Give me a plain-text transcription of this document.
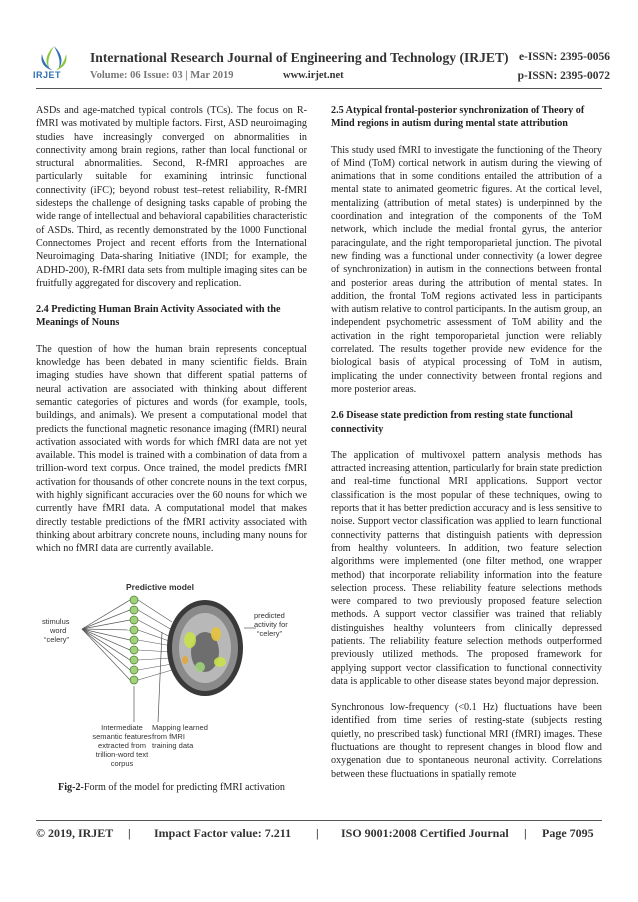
IRJET
International Research Journal of Engineering and Technology (IRJET) e-ISSN: 2395-0056
Volume: 06 Issue: 03 | Mar 2019	www.irjet.net	p-ISSN: 2395-0072

ASDs and age-matched typical controls (TCs). The focus on R-fMRI was motivated by multiple factors. First, ASD neuroimaging studies have increasingly converged on abnormalities in connectivity among brain regions, rather than local functional or structural abnormalities. Second, R-fMRI approaches are particularly suitable for examining intrinsic functional connectivity (iFC); beyond robust test–retest reliability, R-fMRI sidesteps the challenge of designing tasks capable of probing the wide range of intellectual and behavioral capabilities characteristic of ASDs. Third, as recently demonstrated by the 1000 Functional Connectomes Project and recent efforts from the International Neuroimaging Data-sharing Initiative (INDI; for example, the ADHD-200), R-fMRI data sets from multiple imaging sites can be fruitfully aggregated for discovery and replication.

2.4 Predicting Human Brain Activity Associated with the Meanings of Nouns

The question of how the human brain represents conceptual knowledge has been debated in many scientific fields. Brain imaging studies have shown that different spatial patterns of neural activation are associated with thinking about different semantic categories of pictures and words (for example, tools, buildings, and animals). We present a computational model that predicts the functional magnetic resonance imaging (fMRI) neural activation associated with words for which fMRI data are not yet available. This model is trained with a combination of data from a trillion-word text corpus. Once trained, the model predicts fMRI activation for thousands of other concrete nouns in the text corpus, with highly significant accuracies over the 60 nouns for which we currently have fMRI data. A computational model that makes directly testable predictions of the fMRI activity associated with thinking about arbitrary concrete nouns, including many nouns for which no fMRI data are currently available.

Predictive model
stimulus
word
“celery”
predicted
activity for
“celery”
Intermediate
semantic features
extracted from
trillion-word text
corpus
Mapping learned
from fMRI
training data
Fig-2-Form of the model for predicting fMRI activation
2.5 Atypical frontal-posterior synchronization of Theory of Mind regions in autism during mental state attribution

This study used fMRI to investigate the functioning of the Theory of Mind (ToM) cortical network in autism during the viewing of animations that in some conditions entailed the attribution of a mental state to animated geometric figures. At the cortical level, mentalizing (attribution of metal states) is underpinned by the coordination and integration of the components of the ToM network, which include the medial frontal gyrus, the anterior paracingulate, and the right temporoparietal junction. The pivotal new finding was a functional under connectivity (a lower degree of synchronization) in autism in the connections between frontal and posterior areas during the attribution of mental states. In addition, the frontal ToM regions activated less in participants with autism relative to control participants. In the autism group, an independent psychometric assessment of ToM ability and the activation in the right temporoparietal junction were reliably correlated. The results together provide new evidence for the biological basis of atypical processing of ToM in autism, implicating the under connectivity between frontal regions and more posterior areas.

2.6 Disease state prediction from resting state functional connectivity

The application of multivoxel pattern analysis methods has attracted increasing attention, particularly for brain state prediction and real-time functional MRI applications. Support vector classification is the most popular of these techniques, owing to reports that it has better prediction accuracy and is less sensitive to noise. Support vector classification was applied to learn functional connectivity patterns that distinguish patients with depression from healthy volunteers. In addition, two feature selection algorithms were implemented (one filter method, one wrapper method) that incorporate reliability information into the feature selection process. These reliability feature selections methods were compared to two previously proposed feature selection methods. A support vector classifier was trained that reliably distinguishes healthy volunteers from clinically depressed patients. The reliability feature selection methods outperformed previously utilized methods. The proposed framework for applying support vector classification to functional connectivity data is applicable to other disease states beyond major depression.

Synchronous low-frequency (<0.1 Hz) fluctuations have been identified from time series of resting-state (subjects resting quietly, no prescribed task) functional MRI (fMRI) images. These fluctuations are thought to represent changes in blood flow and oxygenation due to spontaneous neuronal activity. Correlations between these fluctuations in spatially remote

© 2019, IRJET | Impact Factor value: 7.211 | ISO 9001:2008 Certified Journal | Page 7095
